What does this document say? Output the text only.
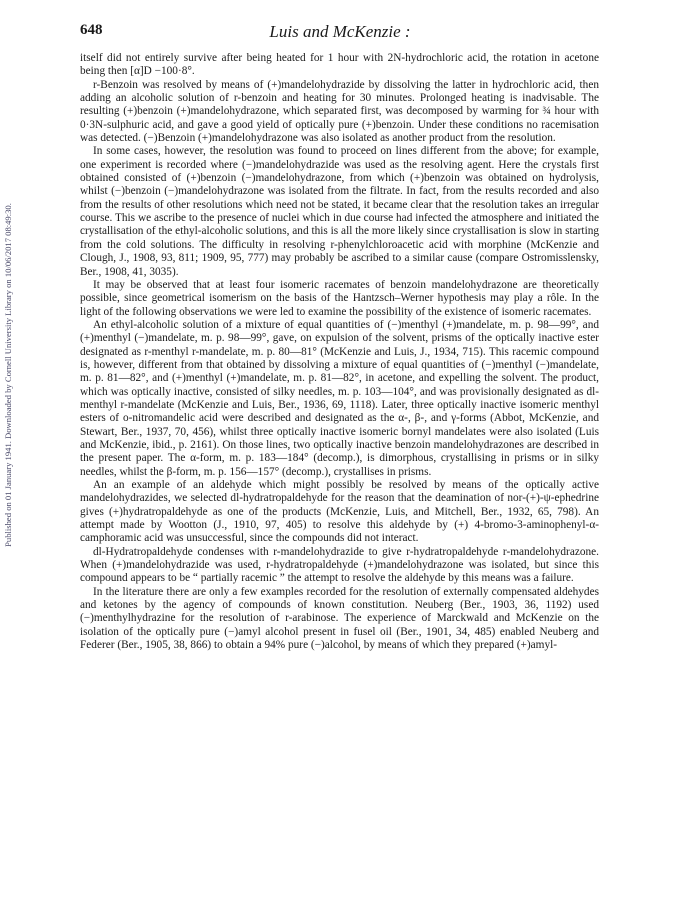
648	Luis and McKenzie :
Published on 01 January 1941. Downloaded by Cornell University Library on 10/06/2017 08:49:30.

itself did not entirely survive after being heated for 1 hour with 2N-hydrochloric acid, the rotation in acetone being then [α]D −100·8°.

r-Benzoin was resolved by means of (+)mandelohydrazide by dissolving the latter in hydrochloric acid, then adding an alcoholic solution of r-benzoin and heating for 30 minutes. Prolonged heating is inadvisable. The resulting (+)benzoin (+)mandelohydrazone, which separated first, was decomposed by warming for ¾ hour with 0·3N-sulphuric acid, and gave a good yield of optically pure (+)benzoin. Under these conditions no racemisation was detected. (−)Benzoin (+)mandelohydrazone was also isolated as another product from the resolution.

In some cases, however, the resolution was found to proceed on lines different from the above; for example, one experiment is recorded where (−)mandelohydrazide was used as the resolving agent. Here the crystals first obtained consisted of (+)benzoin (−)mandelohydrazone, from which (+)benzoin was obtained on hydrolysis, whilst (−)benzoin (−)mandelohydrazone was isolated from the filtrate. In fact, from the results recorded and also from the results of other resolutions which need not be stated, it became clear that the resolution takes an irregular course. This we ascribe to the presence of nuclei which in due course had infected the atmosphere and initiated the crystallisation of the ethyl-alcoholic solutions, and this is all the more likely since crystallisation is slow in starting from the cold solutions. The difficulty in resolving r-phenylchloroacetic acid with morphine (McKenzie and Clough, J., 1908, 93, 811; 1909, 95, 777) may probably be ascribed to a similar cause (compare Ostromisslensky, Ber., 1908, 41, 3035).

It may be observed that at least four isomeric racemates of benzoin mandelohydrazone are theoretically possible, since geometrical isomerism on the basis of the Hantzsch–Werner hypothesis may play a rôle. In the light of the following observations we were led to examine the possibility of the existence of isomeric racemates.

An ethyl-alcoholic solution of a mixture of equal quantities of (−)menthyl (+)mandelate, m. p. 98—99°, and (+)menthyl (−)mandelate, m. p. 98—99°, gave, on expulsion of the solvent, prisms of the optically inactive ester designated as r-menthyl r-mandelate, m. p. 80—81° (McKenzie and Luis, J., 1934, 715). This racemic compound is, however, different from that obtained by dissolving a mixture of equal quantities of (−)menthyl (−)mandelate, m. p. 81—82°, and (+)menthyl (+)mandelate, m. p. 81—82°, in acetone, and expelling the solvent. The product, which was optically inactive, consisted of silky needles, m. p. 103—104°, and was provisionally designated as dl-menthyl r-mandelate (McKenzie and Luis, Ber., 1936, 69, 1118). Later, three optically inactive isomeric menthyl esters of o-nitromandelic acid were described and designated as the α-, β-, and γ-forms (Abbot, McKenzie, and Stewart, Ber., 1937, 70, 456), whilst three optically inactive isomeric bornyl mandelates were also isolated (Luis and McKenzie, ibid., p. 2161). On those lines, two optically inactive benzoin mandelohydrazones are described in the present paper. The α-form, m. p. 183—184° (decomp.), is dimorphous, crystallising in prisms or in silky needles, whilst the β-form, m. p. 156—157° (decomp.), crystallises in prisms.

An an example of an aldehyde which might possibly be resolved by means of the optically active mandelohydrazides, we selected dl-hydratropaldehyde for the reason that the deamination of nor-(+)-ψ-ephedrine gives (+)hydratropaldehyde as one of the products (McKenzie, Luis, and Mitchell, Ber., 1932, 65, 798). An attempt made by Wootton (J., 1910, 97, 405) to resolve this aldehyde by (+) 4-bromo-3-aminophenyl-α-camphoramic acid was unsuccessful, since the compounds did not interact.

dl-Hydratropaldehyde condenses with r-mandelohydrazide to give r-hydratropaldehyde r-mandelohydrazone. When (+)mandelohydrazide was used, r-hydratropaldehyde (+)mandelohydrazone was isolated, but since this compound appears to be “ partially racemic ” the attempt to resolve the aldehyde by this means was a failure.

In the literature there are only a few examples recorded for the resolution of externally compensated aldehydes and ketones by the agency of compounds of known constitution. Neuberg (Ber., 1903, 36, 1192) used (−)menthylhydrazine for the resolution of r-arabinose. The experience of Marckwald and McKenzie on the isolation of the optically pure (−)amyl alcohol present in fusel oil (Ber., 1901, 34, 485) enabled Neuberg and Federer (Ber., 1905, 38, 866) to obtain a 94% pure (−)alcohol, by means of which they prepared (+)amyl-
